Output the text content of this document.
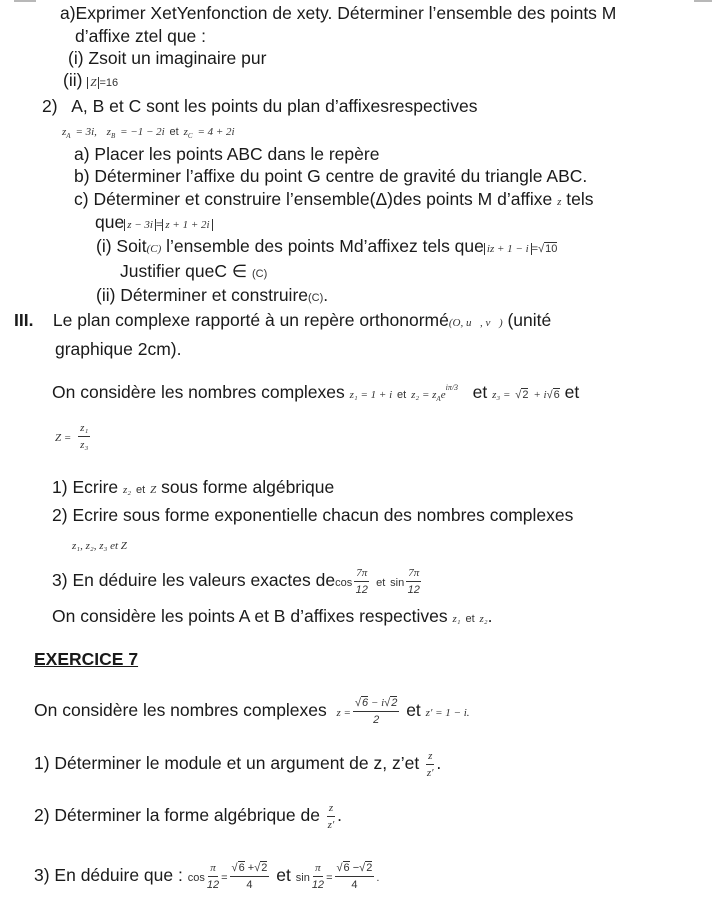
a)Exprimer XetYenfonction de xety. Déterminer l’ensemble des points M
d’affixe ztel que :
(i) Zsoit un imaginaire pur
(ii) Z =16
2) A, B et C sont les points du plan d’affixesrespectives
$z_A = 3i$, $z_B = -1 - 2i$ et $z_C = 4 + 2i$
a) Placer les points ABC dans le repère
b) Déterminer l’affixe du point G centre de gravité du triangle ABC.
c) Déterminer et construire l’ensemble(Δ)des points M d’affixe z tels
que z − 3i = z + 1 + 2i
(i) Soit(C) l’ensemble des points Md’affixez tels que iz + 1 − i = √ 10
Justifier queC ∈ (C)
(ii) Déterminer et construire(C).
III. Le plan complexe rapporté à un repère orthonormé(O, u⃗, v⃗) (unité
graphique 2cm).
On considère les nombres complexes z₁ = 1 + i et $z_2 = z_Ae^{i\pi/3}$ et z₃ = √ 2 + i √ 6 et
$Z = \frac{\text{z₁}}{\text{z₃}}$
1) Ecrire z₂ et Z sous forme algébrique
2) Ecrire sous forme exponentielle chacun des nombres complexes
z₁, z₂, z₃ et Z
3) En déduire les valeurs exactes decos $\frac{7\pi}{12}$ et $\sin \frac{7\pi}{12}$
On considère les points A et B d’affixes respectives z₁ et z₂.
EXERCICE 7
On considère les nombres complexes z = √ $\frac{6 - i √ 2}{2}$ et z′ = 1 − i.
1) Déterminer le module et un argument de z, z’et $\frac{z}{z'}$ .
2) Déterminer la forme algébrique de $\frac{z}{z'}$ .
3) En déduire que : $\cos \frac{\pi}{12}$ = √ $\frac{6 + √ 2}{4}$ et $\sin \frac{\pi}{12}$ = √ $\frac{6 - √ 2}{4}$ .
